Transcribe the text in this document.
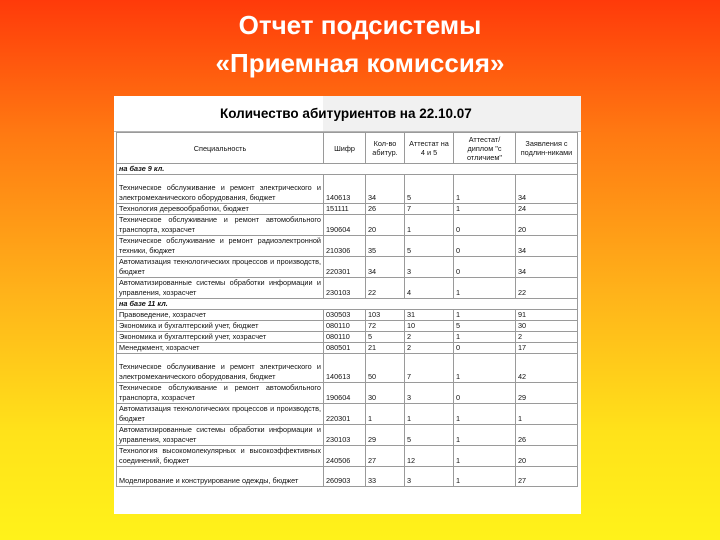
Отчет подсистемы
«Приемная комиссия»
Количество абитуриентов на 22.10.07
Специальность	Шифр	Кол-во абитур.	Аттестат на 4 и 5	Аттестат/ диплом "с отличием"	Заявления с подлин-никами
на базе 9 кл.					
Техническое обслуживание и ремонт электрического и электромеханического оборудования, бюджет	140613	34	5	1	34
Технология деревообработки, бюджет	151111	26	7	1	24
Техническое обслуживание и ремонт автомобильного транспорта, хозрасчет	190604	20	1	0	20
Техническое обслуживание и ремонт радиоэлектронной техники, бюджет	210306	35	5	0	34
Автоматизация технологических процессов и производств, бюджет	220301	34	3	0	34
Автоматизированные системы обработки информации и управления, хозрасчет	230103	22	4	1	22
на базе 11 кл.					
Правоведение, хозрасчет	030503	103	31	1	91
Экономика и бухгалтерский учет, бюджет	080110	72	10	5	30
Экономика и бухгалтерский учет, хозрасчет	080110	5	2	1	2
Менеджмент, хозрасчет	080501	21	2	0	17
Техническое обслуживание и ремонт электрического и электромеханического оборудования, бюджет	140613	50	7	1	42
Техническое обслуживание и ремонт автомобильного транспорта, хозрасчет	190604	30	3	0	29
Автоматизация технологических процессов и производств, бюджет	220301	1	1	1	1
Автоматизированные системы обработки информации и управления, хозрасчет	230103	29	5	1	26
Технология высокомолекулярных и высокоэффективных соединений, бюджет	240506	27	12	1	20
Моделирование и конструирование одежды, бюджет	260903	33	3	1	27
